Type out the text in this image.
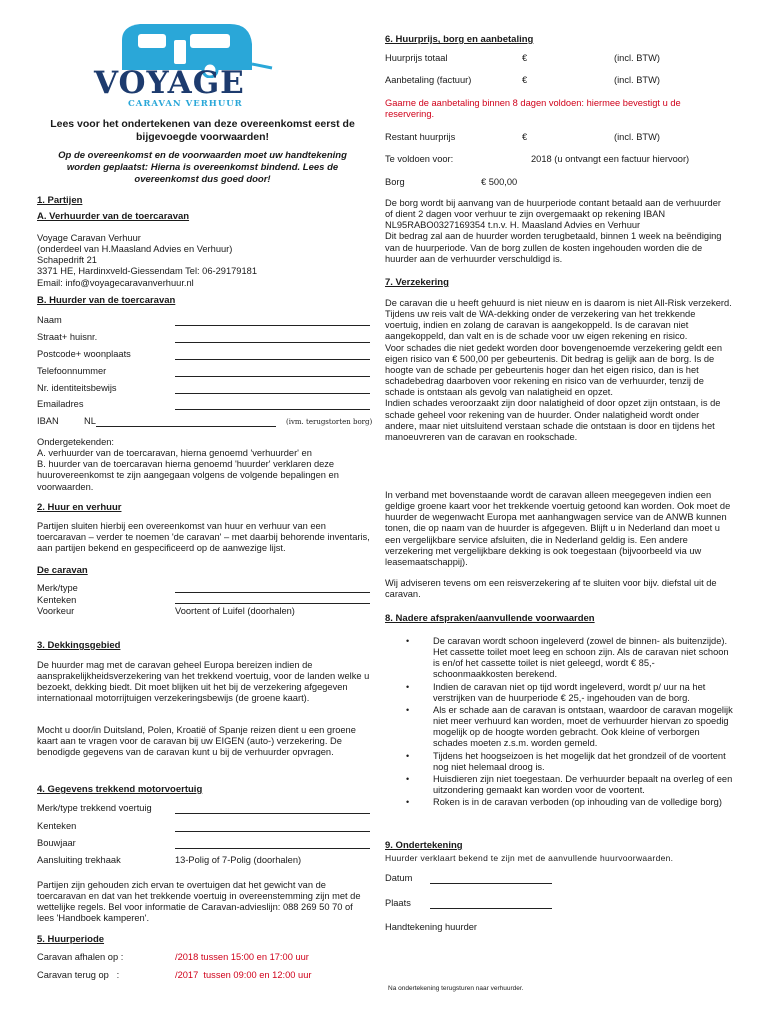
VOYAGE
CARAVAN VERHUUR
Lees voor het ondertekenen van deze overeenkomst eerst de bijgevoegde voorwaarden!
Op de overeenkomst en de voorwaarden moet uw handtekening worden geplaatst: Hierna is overeenkomst bindend. Lees de overeenkomst dus goed door!
1. Partijen
A. Verhuurder van de toercaravan
Voyage Caravan Verhuur
(onderdeel van H.Maasland Advies en Verhuur)
Schapedrift 21
3371 HE, Hardinxveld-Giessendam Tel: 06-29179181
Email: info@voyagecaravanverhuur.nl
B. Huurder van de toercaravan
Naam
Straat+ huisnr.
Postcode+ woonplaats
Telefoonnummer
Nr. identiteitsbewijs
Emailadres
IBAN	NL	(ivm. terugstorten borg)
Ondergetekenden:
A. verhuurder van de toercaravan, hierna genoemd 'verhuurder' en
B. huurder van de toercaravan hierna genoemd 'huurder' verklaren deze huurovereenkomst te zijn aangegaan volgens de volgende bepalingen en voorwaarden.
2. Huur en verhuur
Partijen sluiten hierbij een overeenkomst van huur en verhuur van een toercaravan – verder te noemen 'de caravan' – met daarbij behorende inventaris, aan partijen bekend en gespecificeerd op de aanwezige lijst.
De caravan
Merk/type
Kenteken
Voorkeur	Voortent of Luifel (doorhalen)
3. Dekkingsgebied
De huurder mag met de caravan geheel Europa bereizen indien de aansprakelijkheidsverzekering van het trekkend voertuig, voor de landen welke u bezoekt, dekking biedt. Dit moet blijken uit het bij de verzekering afgegeven internationaal motorrijtuigen verzekeringsbewijs (de groene kaart).
Mocht u door/in Duitsland, Polen, Kroatië of Spanje reizen dient u een groene kaart aan te vragen voor de caravan bij uw EIGEN (auto-) verzekering. De benodigde gegevens van de caravan kunt u bij de verhuurder opvragen.
4. Gegevens trekkend motorvoertuig
Merk/type trekkend voertuig
Kenteken
Bouwjaar
Aansluiting trekhaak	13-Polig of 7-Polig (doorhalen)
Partijen zijn gehouden zich ervan te overtuigen dat het gewicht van de toercaravan en dat van het trekkende voertuig in overeenstemming zijn met de wettelijke regels. Bel voor informatie de Caravan-advieslijn: 088 269 50 70 of lees 'Handboek kamperen'.
5. Huurperiode
Caravan afhalen op :	/2018 tussen 15:00 en 17:00 uur
Caravan terug op   :	/2017  tussen 09:00 en 12:00 uur
6. Huurprijs, borg en aanbetaling
Huurprijs totaal	€	(incl. BTW)
Aanbetaling (factuur)	€	(incl. BTW)
Gaarne de aanbetaling binnen 8 dagen voldoen: hiermee bevestigt u de reservering.
Restant huurprijs	€	(incl. BTW)
Te voldoen voor:	2018 (u ontvangt een factuur hiervoor)
Borg	€ 500,00
De borg wordt bij aanvang van de huurperiode contant betaald aan de verhuurder of dient 2 dagen voor verhuur te zijn overgemaakt op rekening IBAN NL95RABO0327169354 t.n.v. H. Maasland Advies en Verhuur
Dit bedrag zal aan de huurder worden terugbetaald, binnen 1 week na beëndiging van de huurperiode. Van de borg zullen de kosten ingehouden worden die de huurder aan de verhuurder verschuldigd is.
7. Verzekering
De caravan die u heeft gehuurd is niet nieuw en is daarom is niet All-Risk verzekerd. Tijdens uw reis valt de WA-dekking onder de verzekering van het trekkende voertuig, indien en zolang de caravan is aangekoppeld. Is de caravan niet aangekoppeld, dan valt en is de schade voor uw eigen rekening en risico.
Voor schades die niet gedekt worden door bovengenoemde verzekering geldt een eigen risico van € 500,00 per gebeurtenis. Dit bedrag is gelijk aan de borg. Is de hoogte van de schade per gebeurtenis hoger dan het eigen risico, dan is het schadebedrag daarboven voor rekening en risico van de verhuurder, tenzij de schade is ontstaan als gevolg van nalatigheid en opzet.
Indien schades veroorzaakt zijn door nalatigheid of door opzet zijn ontstaan, is de schade geheel voor rekening van de huurder. Onder nalatigheid wordt onder andere, maar niet uitsluitend verstaan schade die ontstaan is door en tijdens het manoeuvreren van de caravan en rookschade.
In verband met bovenstaande wordt de caravan alleen meegegeven indien een geldige groene kaart voor het trekkende voertuig getoond kan worden. Ook moet de huurder de wegenwacht Europa met aanhangwagen service van de ANWB kunnen tonen, die op naam van de huurder is afgegeven. Blijft u in Nederland dan moet u een vergelijkbare service afsluiten, die in Nederland geldig is. Een andere verzekering met vergelijkbare dekking is ook toegestaan (bijvoorbeeld via uw leasemaatschappij).
Wij adviseren tevens om een reisverzekering af te sluiten voor bijv. diefstal uit de caravan.
8. Nadere afspraken/aanvullende voorwaarden
• De caravan wordt schoon ingeleverd (zowel de binnen- als buitenzijde). Het cassette toilet moet leeg en schoon zijn. Als de caravan niet schoon is en/of het cassette toilet is niet geleegd, wordt € 85,- schoonmaakkosten berekend.
• Indien de caravan niet op tijd wordt ingeleverd, wordt p/ uur na het verstrijken van de huurperiode € 25,- ingehouden van de borg.
• Als er schade aan de caravan is ontstaan, waardoor de caravan mogelijk niet meer verhuurd kan worden, moet de verhuurder hiervan zo spoedig mogelijk op de hoogte worden gebracht. Ook kleine of verborgen schades moeten z.s.m. worden gemeld.
• Tijdens het hoogseizoen is het mogelijk dat het grondzeil of de voortent nog niet helemaal droog is.
• Huisdieren zijn niet toegestaan. De verhuurder bepaalt na overleg of een uitzondering gemaakt kan worden voor de voortent.
• Roken is in de caravan verboden (op inhouding van de volledige borg)
9. Ondertekening
Huurder verklaart bekend te zijn met de aanvullende huurvoorwaarden.
Datum
Plaats
Handtekening huurder
Na ondertekening terugsturen naar verhuurder.
